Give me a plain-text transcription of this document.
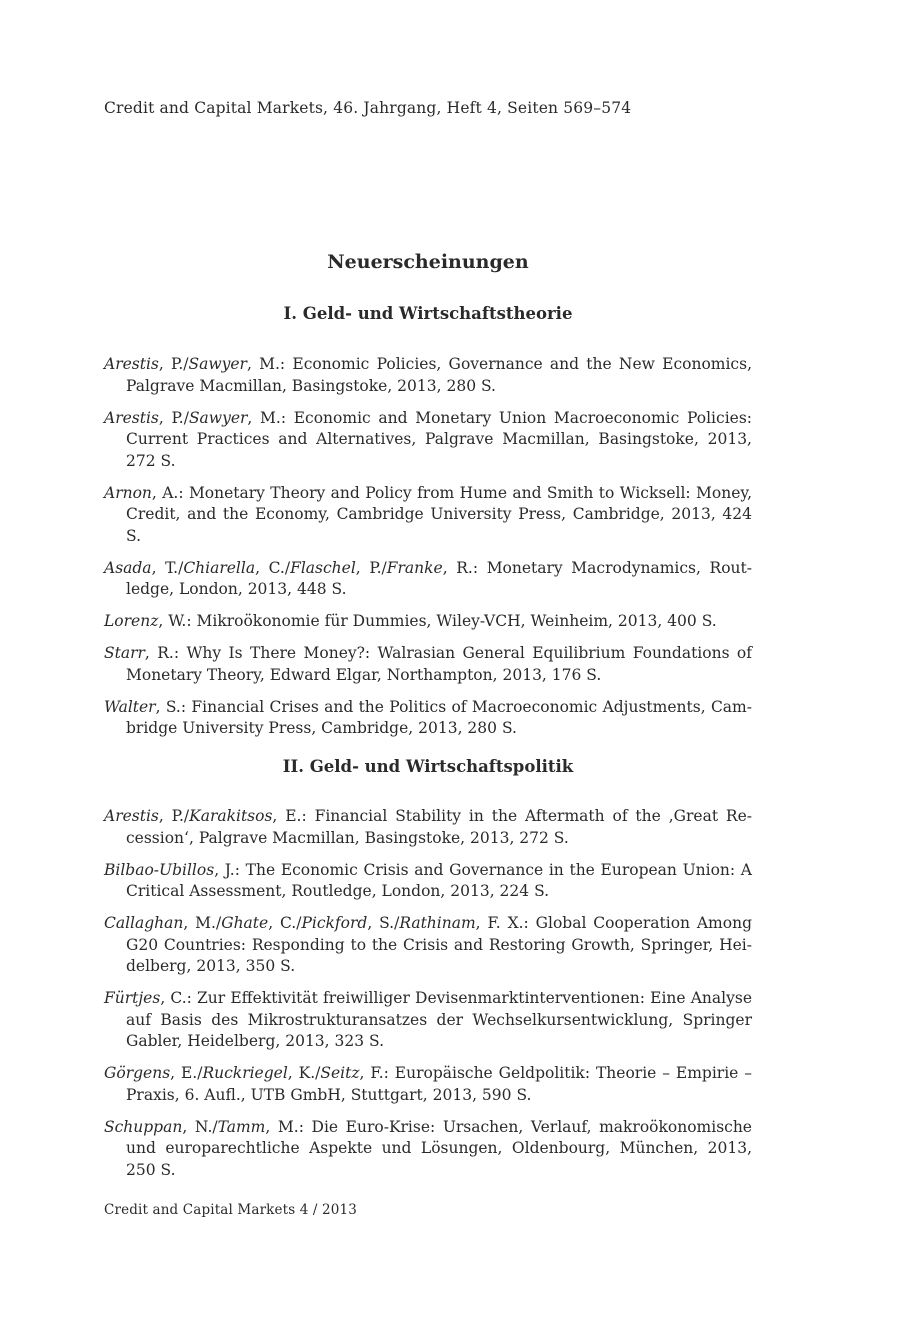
Credit and Capital Markets, 46. Jahrgang, Heft 4, Seiten 569–574
Neuerscheinungen
I. Geld- und Wirtschaftstheorie
Arestis, P./Sawyer, M.: Economic Policies, Governance and the New Economics, Palgrave Macmillan, Basingstoke, 2013, 280 S.
Arestis, P./Sawyer, M.: Economic and Monetary Union Macroeconomic Policies: Current Practices and Alternatives, Palgrave Macmillan, Basingstoke, 2013, 272 S.
Arnon, A.: Monetary Theory and Policy from Hume and Smith to Wicksell: Money, Credit, and the Economy, Cambridge University Press, Cambridge, 2013, 424 S.
Asada, T./Chiarella, C./Flaschel, P./Franke, R.: Monetary Macrodynamics, Routledge, London, 2013, 448 S.
Lorenz, W.: Mikroökonomie für Dummies, Wiley-VCH, Weinheim, 2013, 400 S.
Starr, R.: Why Is There Money?: Walrasian General Equilibrium Foundations of Monetary Theory, Edward Elgar, Northampton, 2013, 176 S.
Walter, S.: Financial Crises and the Politics of Macroeconomic Adjustments, Cambridge University Press, Cambridge, 2013, 280 S.
II. Geld- und Wirtschaftspolitik
Arestis, P./Karakitsos, E.: Financial Stability in the Aftermath of the ‚Great Recession‘, Palgrave Macmillan, Basingstoke, 2013, 272 S.
Bilbao-Ubillos, J.: The Economic Crisis and Governance in the European Union: A Critical Assessment, Routledge, London, 2013, 224 S.
Callaghan, M./Ghate, C./Pickford, S./Rathinam, F. X.: Global Cooperation Among G20 Countries: Responding to the Crisis and Restoring Growth, Springer, Heidelberg, 2013, 350 S.
Fürtjes, C.: Zur Effektivität freiwilliger Devisenmarktinterventionen: Eine Analyse auf Basis des Mikrostrukturansatzes der Wechselkursentwicklung, Springer Gabler, Heidelberg, 2013, 323 S.
Görgens, E./Ruckriegel, K./Seitz, F.: Europäische Geldpolitik: Theorie – Empirie – Praxis, 6. Aufl., UTB GmbH, Stuttgart, 2013, 590 S.
Schuppan, N./Tamm, M.: Die Euro-Krise: Ursachen, Verlauf, makroökonomische und europarechtliche Aspekte und Lösungen, Oldenbourg, München, 2013, 250 S.
Credit and Capital Markets 4 / 2013
